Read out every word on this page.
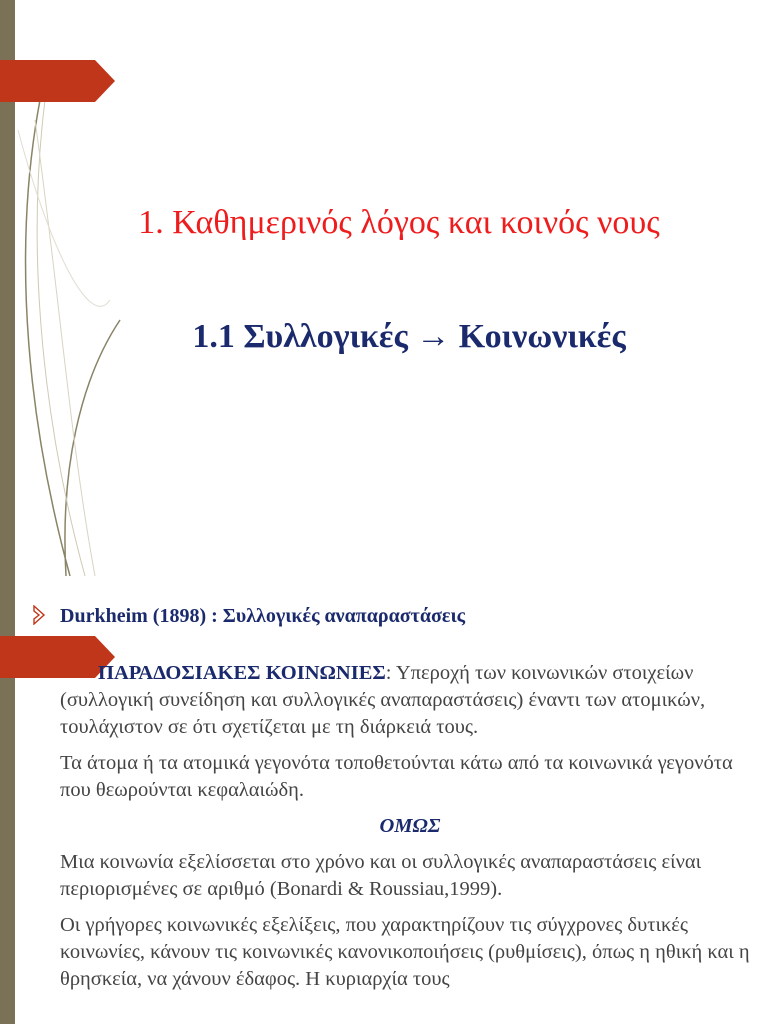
1. Καθημερινός λόγος και κοινός νους
1.1 Συλλογικές → Κοινωνικές
Durkheim (1898) : Συλλογικές αναπαραστάσεις

ΠΑΡΑΔΟΣΙΑΚΕΣ ΚΟΙΝΩΝΙΕΣ: Υπεροχή των κοινωνικών στοιχείων (συλλογική συνείδηση και συλλογικές αναπαραστάσεις) έναντι των ατομικών, τουλάχιστον σε ότι σχετίζεται με τη διάρκειά τους.

Τα άτομα ή τα ατομικά γεγονότα τοποθετούνται κάτω από τα κοινωνικά γεγονότα που θεωρούνται κεφαλαιώδη.

ΟΜΩΣ

Μια κοινωνία εξελίσσεται στο χρόνο και οι συλλογικές αναπαραστάσεις είναι περιορισμένες σε αριθμό (Bonardi & Roussiau,1999).

Οι γρήγορες κοινωνικές εξελίξεις, που χαρακτηρίζουν τις σύγχρονες δυτικές κοινωνίες, κάνουν τις κοινωνικές κανονικοποιήσεις (ρυθμίσεις), όπως η ηθική και η θρησκεία, να χάνουν έδαφος. Η κυριαρχία τους
